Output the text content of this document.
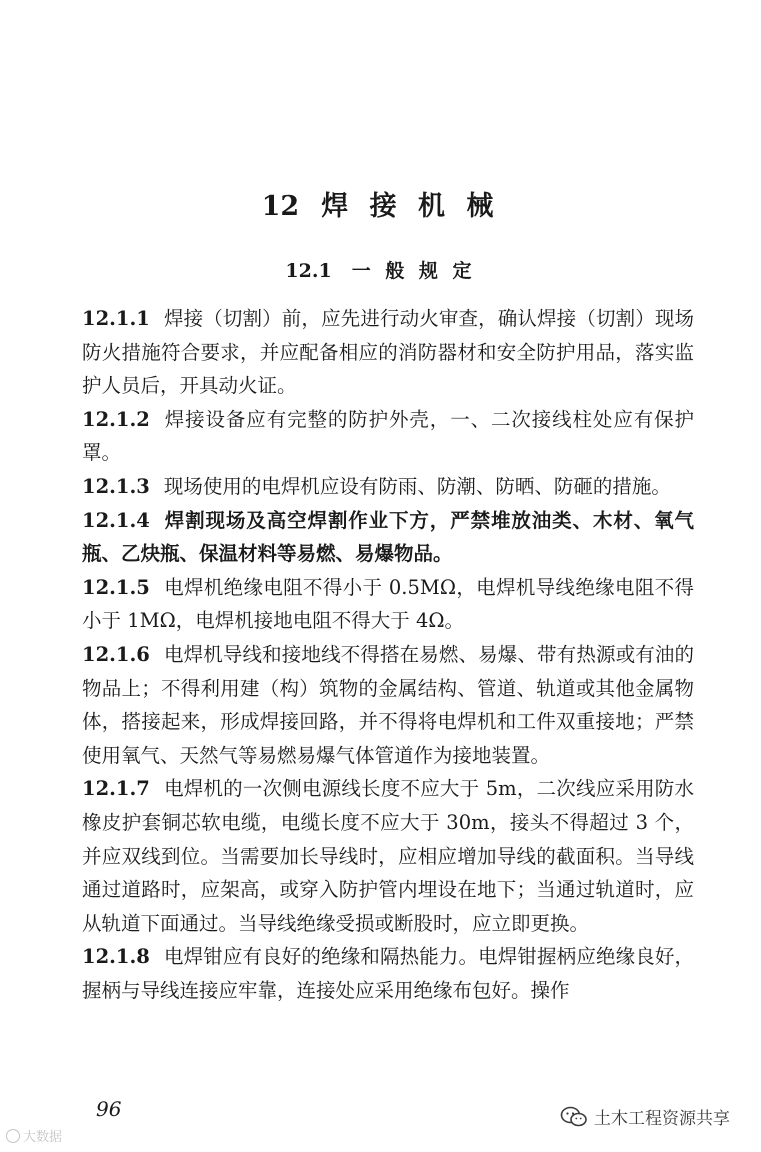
12 焊 接 机 械
12.1 一 般 规 定

12.1.1 焊接（切割）前，应先进行动火审查，确认焊接（切割）现场防火措施符合要求，并应配备相应的消防器材和安全防护用品，落实监护人员后，开具动火证。

12.1.2 焊接设备应有完整的防护外壳，一、二次接线柱处应有保护罩。

12.1.3 现场使用的电焊机应设有防雨、防潮、防晒、防砸的措施。

12.1.4 焊割现场及高空焊割作业下方，严禁堆放油类、木材、氧气瓶、乙炔瓶、保温材料等易燃、易爆物品。

12.1.5 电焊机绝缘电阻不得小于 0.5MΩ，电焊机导线绝缘电阻不得小于 1MΩ，电焊机接地电阻不得大于 4Ω。

12.1.6 电焊机导线和接地线不得搭在易燃、易爆、带有热源或有油的物品上；不得利用建（构）筑物的金属结构、管道、轨道或其他金属物体，搭接起来，形成焊接回路，并不得将电焊机和工件双重接地；严禁使用氧气、天然气等易燃易爆气体管道作为接地装置。

12.1.7 电焊机的一次侧电源线长度不应大于 5m，二次线应采用防水橡皮护套铜芯软电缆，电缆长度不应大于 30m，接头不得超过 3 个，并应双线到位。当需要加长导线时，应相应增加导线的截面积。当导线通过道路时，应架高，或穿入防护管内埋设在地下；当通过轨道时，应从轨道下面通过。当导线绝缘受损或断股时，应立即更换。

12.1.8 电焊钳应有良好的绝缘和隔热能力。电焊钳握柄应绝缘良好，握柄与导线连接应牢靠，连接处应采用绝缘布包好。操作

96

大数据
土木工程资源共享
